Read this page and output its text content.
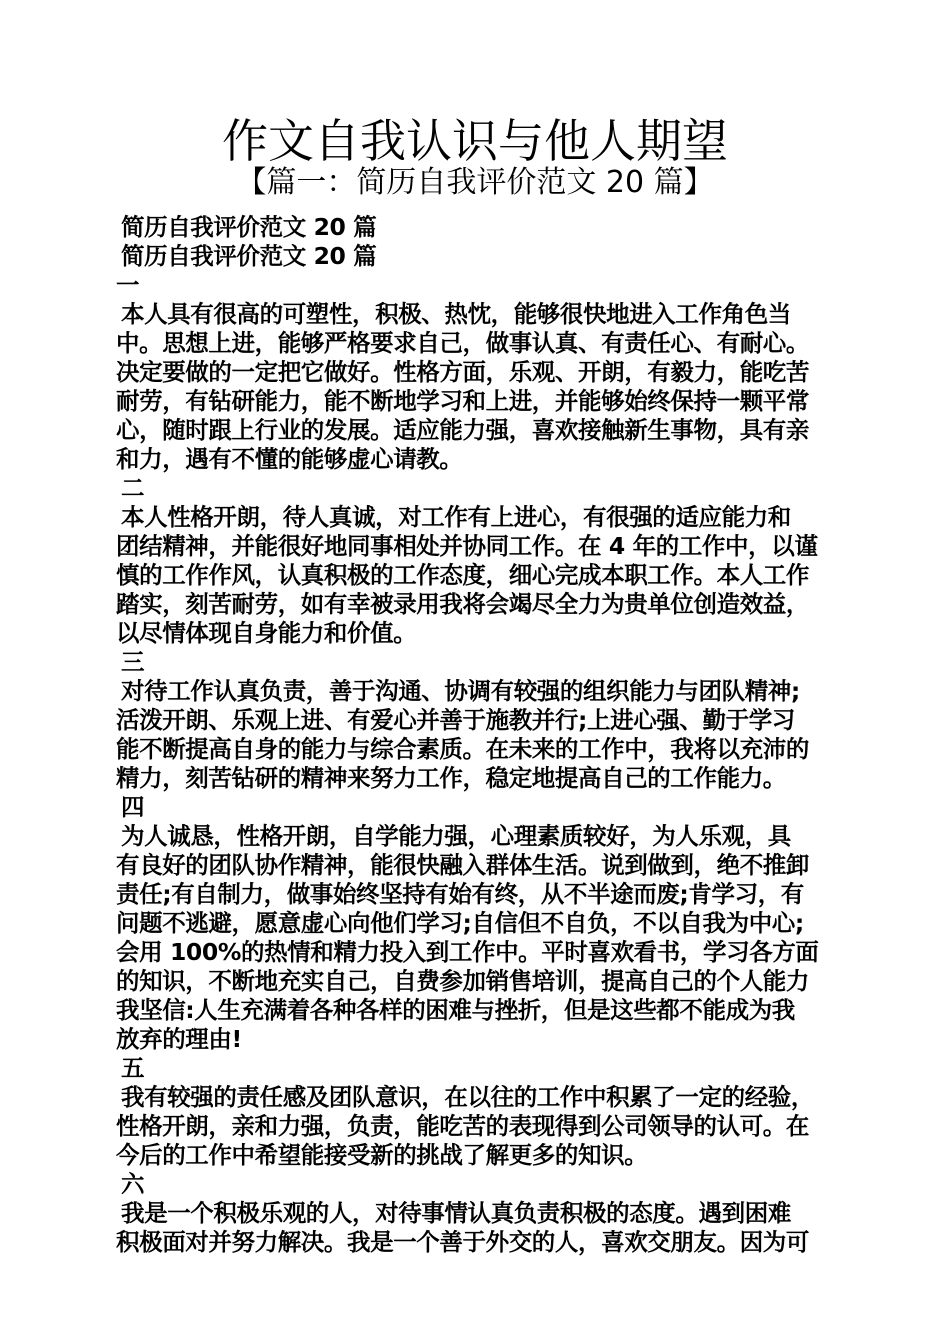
作文自我认识与他人期望
【篇一：简历自我评价范文 20 篇】
简历自我评价范文 20 篇
简历自我评价范文 20 篇
一
本人具有很高的可塑性，积极、热忱，能够很快地进入工作角色当
中。思想上进，能够严格要求自己，做事认真、有责任心、有耐心。
决定要做的一定把它做好。性格方面，乐观、开朗，有毅力，能吃苦
耐劳，有钻研能力，能不断地学习和上进，并能够始终保持一颗平常
心，随时跟上行业的发展。适应能力强，喜欢接触新生事物，具有亲
和力，遇有不懂的能够虚心请教。
二
本人性格开朗，待人真诚，对工作有上进心，有很强的适应能力和
团结精神，并能很好地同事相处并协同工作。在 4 年的工作中，以谨
慎的工作作风，认真积极的工作态度，细心完成本职工作。本人工作
踏实，刻苦耐劳，如有幸被录用我将会竭尽全力为贵单位创造效益，
以尽情体现自身能力和价值。
三
对待工作认真负责，善于沟通、协调有较强的组织能力与团队精神;
活泼开朗、乐观上进、有爱心并善于施教并行;上进心强、勤于学习
能不断提高自身的能力与综合素质。在未来的工作中，我将以充沛的
精力，刻苦钻研的精神来努力工作，稳定地提高自己的工作能力。
四
为人诚恳，性格开朗，自学能力强，心理素质较好，为人乐观，具
有良好的团队协作精神，能很快融入群体生活。说到做到，绝不推卸
责任;有自制力，做事始终坚持有始有终，从不半途而废;肯学习，有
问题不逃避，愿意虚心向他们学习;自信但不自负，不以自我为中心;
会用 100%的热情和精力投入到工作中。平时喜欢看书，学习各方面
的知识，不断地充实自己，自费参加销售培训，提高自己的个人能力
我坚信:人生充满着各种各样的困难与挫折，但是这些都不能成为我
放弃的理由!
五
我有较强的责任感及团队意识，在以往的工作中积累了一定的经验，
性格开朗，亲和力强，负责，能吃苦的表现得到公司领导的认可。在
今后的工作中希望能接受新的挑战了解更多的知识。
六
我是一个积极乐观的人，对待事情认真负责积极的态度。遇到困难
积极面对并努力解决。我是一个善于外交的人，喜欢交朋友。因为可
